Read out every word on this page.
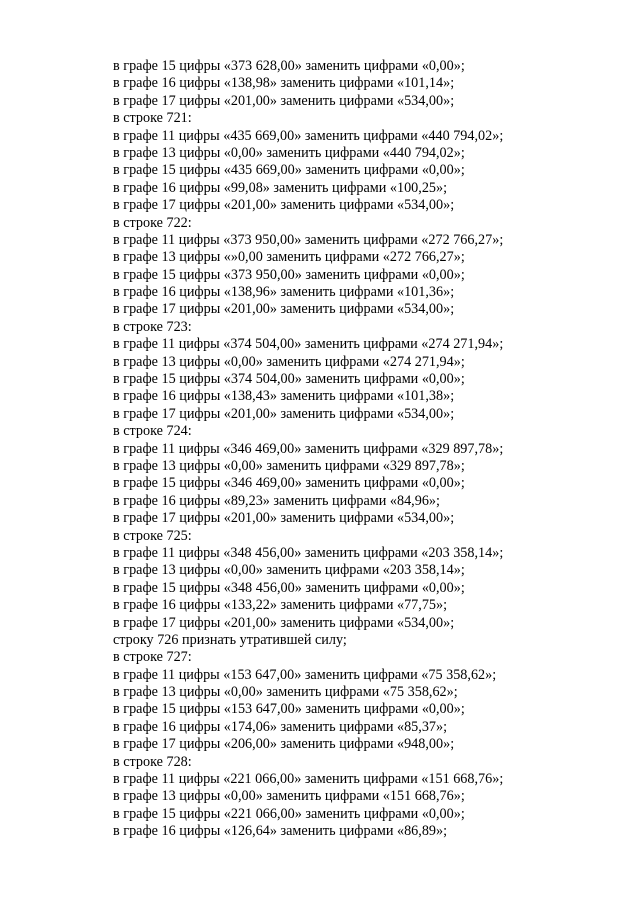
в графе 15 цифры «373 628,00» заменить цифрами «0,00»;
в графе 16 цифры «138,98» заменить цифрами «101,14»;
в графе 17 цифры «201,00» заменить цифрами «534,00»;
в строке 721:
в графе 11 цифры «435 669,00» заменить цифрами «440 794,02»;
в графе 13 цифры «0,00» заменить цифрами «440 794,02»;
в графе 15 цифры «435 669,00» заменить цифрами «0,00»;
в графе 16 цифры «99,08» заменить цифрами «100,25»;
в графе 17 цифры «201,00» заменить цифрами «534,00»;
в строке 722:
в графе 11 цифры «373 950,00» заменить цифрами «272 766,27»;
в графе 13 цифры «»0,00 заменить цифрами «272 766,27»;
в графе 15 цифры «373 950,00» заменить цифрами «0,00»;
в графе 16 цифры «138,96» заменить цифрами «101,36»;
в графе 17 цифры «201,00» заменить цифрами «534,00»;
в строке 723:
в графе 11 цифры «374 504,00» заменить цифрами «274 271,94»;
в графе 13 цифры «0,00» заменить цифрами «274 271,94»;
в графе 15 цифры «374 504,00» заменить цифрами «0,00»;
в графе 16 цифры «138,43» заменить цифрами «101,38»;
в графе 17 цифры «201,00» заменить цифрами «534,00»;
в строке 724:
в графе 11 цифры «346 469,00» заменить цифрами «329 897,78»;
в графе 13 цифры «0,00» заменить цифрами «329 897,78»;
в графе 15 цифры «346 469,00» заменить цифрами «0,00»;
в графе 16 цифры «89,23» заменить цифрами «84,96»;
в графе 17 цифры «201,00» заменить цифрами «534,00»;
в строке 725:
в графе 11 цифры «348 456,00» заменить цифрами «203 358,14»;
в графе 13 цифры «0,00» заменить цифрами «203 358,14»;
в графе 15 цифры «348 456,00» заменить цифрами «0,00»;
в графе 16 цифры «133,22» заменить цифрами «77,75»;
в графе 17 цифры «201,00» заменить цифрами «534,00»;
строку 726 признать утратившей силу;
в строке 727:
в графе 11 цифры «153 647,00» заменить цифрами «75 358,62»;
в графе 13 цифры «0,00» заменить цифрами «75 358,62»;
в графе 15 цифры «153 647,00» заменить цифрами «0,00»;
в графе 16 цифры «174,06» заменить цифрами «85,37»;
в графе 17 цифры «206,00» заменить цифрами «948,00»;
в строке 728:
в графе 11 цифры «221 066,00» заменить цифрами «151 668,76»;
в графе 13 цифры «0,00» заменить цифрами «151 668,76»;
в графе 15 цифры «221 066,00» заменить цифрами «0,00»;
в графе 16 цифры «126,64» заменить цифрами «86,89»;
